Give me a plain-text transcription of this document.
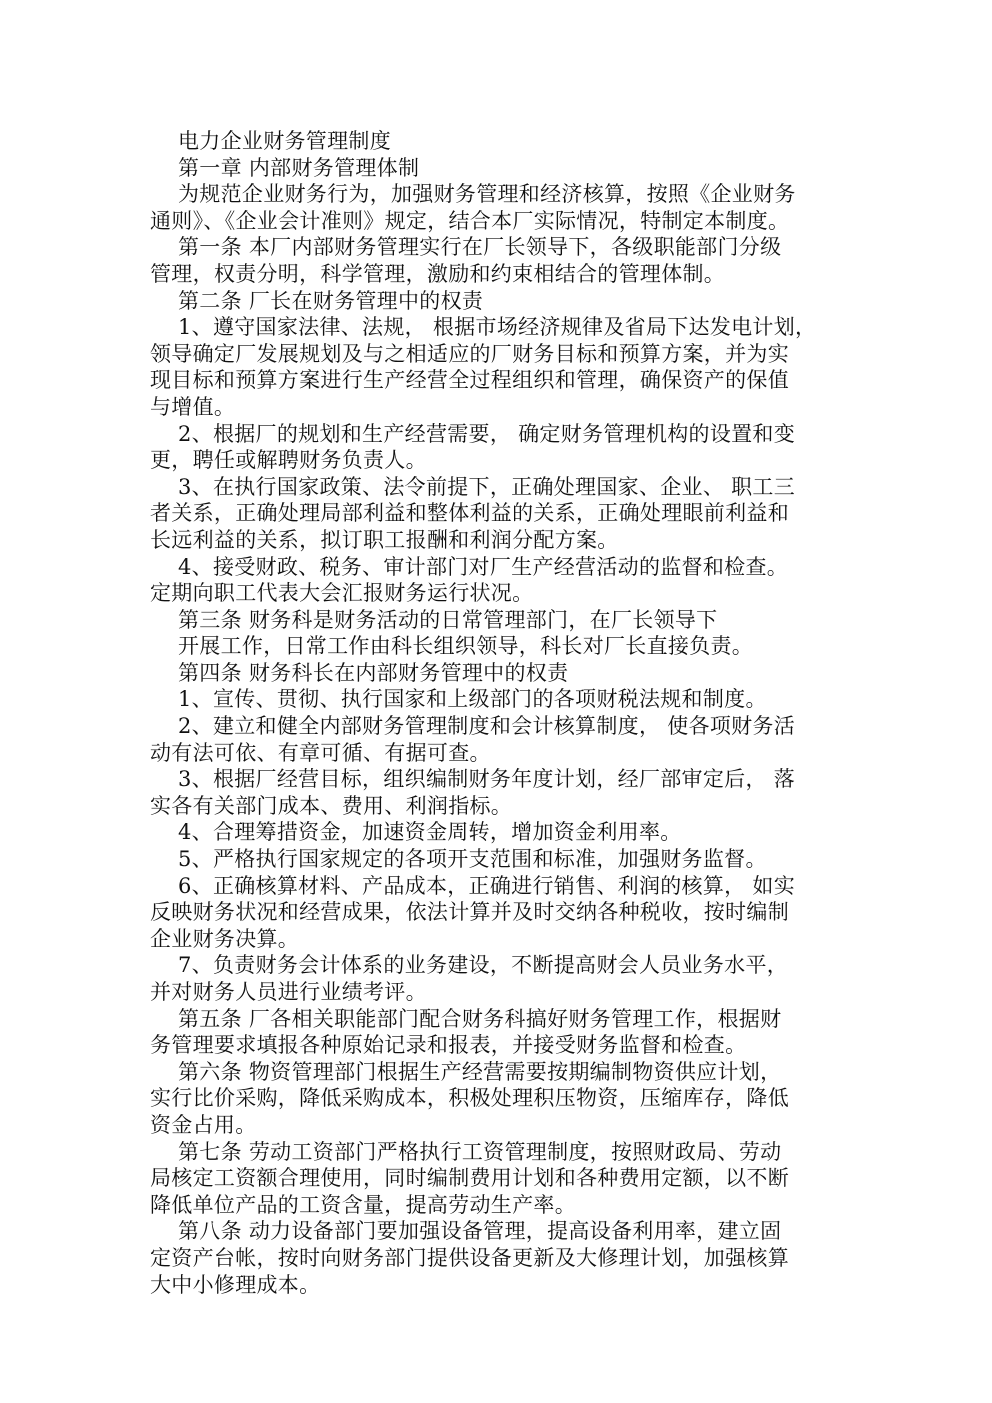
电力企业财务管理制度
第一章 内部财务管理体制
为规范企业财务行为，加强财务管理和经济核算，按照《企业财务
通则》、《企业会计准则》规定，结合本厂实际情况，特制定本制度。
第一条 本厂内部财务管理实行在厂长领导下，各级职能部门分级
管理，权责分明，科学管理，激励和约束相结合的管理体制。
第二条 厂长在财务管理中的权责
1、遵守国家法律、法规， 根据市场经济规律及省局下达发电计划，
领导确定厂发展规划及与之相适应的厂财务目标和预算方案，并为实
现目标和预算方案进行生产经营全过程组织和管理，确保资产的保值
与增值。
2、根据厂的规划和生产经营需要， 确定财务管理机构的设置和变
更，聘任或解聘财务负责人。
3、在执行国家政策、法令前提下，正确处理国家、企业、 职工三
者关系，正确处理局部利益和整体利益的关系，正确处理眼前利益和
长远利益的关系，拟订职工报酬和利润分配方案。
4、接受财政、税务、审计部门对厂生产经营活动的监督和检查。
定期向职工代表大会汇报财务运行状况。
第三条 财务科是财务活动的日常管理部门，在厂长领导下
开展工作，日常工作由科长组织领导，科长对厂长直接负责。
第四条 财务科长在内部财务管理中的权责
1、宣传、贯彻、执行国家和上级部门的各项财税法规和制度。
2、建立和健全内部财务管理制度和会计核算制度， 使各项财务活
动有法可依、有章可循、有据可查。
3、根据厂经营目标，组织编制财务年度计划，经厂部审定后， 落
实各有关部门成本、费用、利润指标。
4、合理筹措资金，加速资金周转，增加资金利用率。
5、严格执行国家规定的各项开支范围和标准，加强财务监督。
6、正确核算材料、产品成本，正确进行销售、利润的核算， 如实
反映财务状况和经营成果，依法计算并及时交纳各种税收，按时编制
企业财务决算。
7、负责财务会计体系的业务建设，不断提高财会人员业务水平，
并对财务人员进行业绩考评。
第五条 厂各相关职能部门配合财务科搞好财务管理工作，根据财
务管理要求填报各种原始记录和报表，并接受财务监督和检查。
第六条 物资管理部门根据生产经营需要按期编制物资供应计划，
实行比价采购，降低采购成本，积极处理积压物资，压缩库存，降低
资金占用。
第七条 劳动工资部门严格执行工资管理制度，按照财政局、劳动
局核定工资额合理使用，同时编制费用计划和各种费用定额，以不断
降低单位产品的工资含量，提高劳动生产率。
第八条 动力设备部门要加强设备管理，提高设备利用率，建立固
定资产台帐，按时向财务部门提供设备更新及大修理计划，加强核算
大中小修理成本。
